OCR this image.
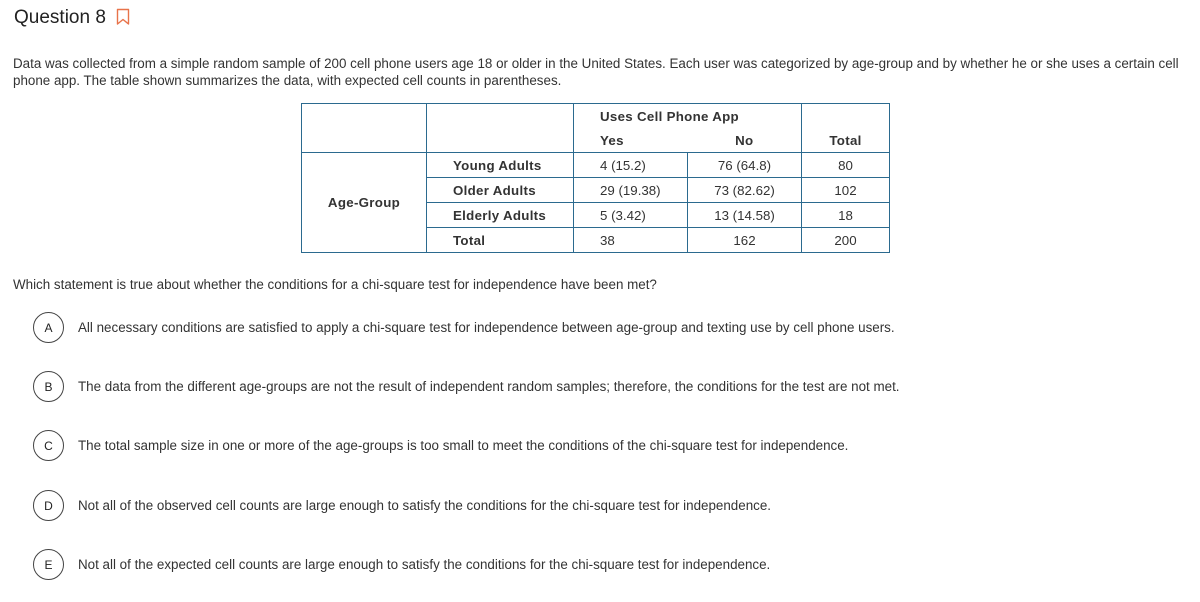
Question 8
Data was collected from a simple random sample of 200 cell phone users age 18 or older in the United States. Each user was categorized by age-group and by whether he or she uses a certain cell phone app. The table shown summarizes the data, with expected cell counts in parentheses.
		Uses Cell Phone App		
		Yes	No	Total
Age-Group	Young Adults	4 (15.2)	76 (64.8)	80
	Older Adults	29 (19.38)	73 (82.62)	102
	Elderly Adults	5 (3.42)	13 (14.58)	18
	Total	38	162	200
Which statement is true about whether the conditions for a chi-square test for independence have been met?
A	All necessary conditions are satisfied to apply a chi-square test for independence between age-group and texting use by cell phone users.
B	The data from the different age-groups are not the result of independent random samples; therefore, the conditions for the test are not met.
C	The total sample size in one or more of the age-groups is too small to meet the conditions of the chi-square test for independence.
D	Not all of the observed cell counts are large enough to satisfy the conditions for the chi-square test for independence.
E	Not all of the expected cell counts are large enough to satisfy the conditions for the chi-square test for independence.
